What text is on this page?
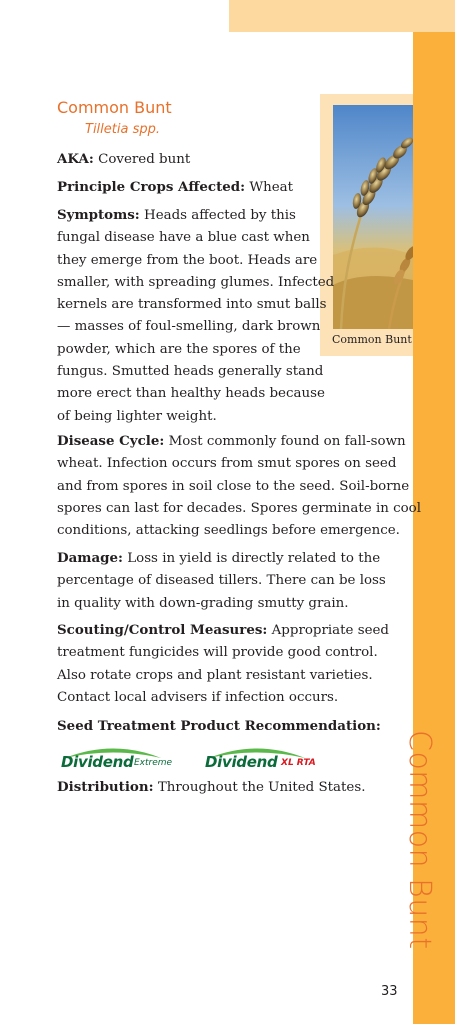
Common Bunt
Tilletia spp.
Common Bunt
AKA: Covered bunt
Principle Crops Affected: Wheat
Symptoms: Heads affected by this
fungal disease have a blue cast when
they emerge from the boot. Heads are
smaller, with spreading glumes. Infected
kernels are transformed into smut balls
— masses of foul-smelling, dark brown
powder, which are the spores of the
fungus. Smutted heads generally stand
more erect than healthy heads because
of being lighter weight.
Disease Cycle: Most commonly found on fall-sown
wheat. Infection occurs from smut spores on seed
and from spores in soil close to the seed. Soil-borne
spores can last for decades. Spores germinate in cool
conditions, attacking seedlings before emergence.
Damage: Loss in yield is directly related to the
percentage of diseased tillers. There can be loss
in quality with down-grading smutty grain.
Scouting/Control Measures: Appropriate seed
treatment fungicides will provide good control.
Also rotate crops and plant resistant varieties.
Contact local advisers if infection occurs.
Seed Treatment Product Recommendation:
Dividend Extreme Dividend XL RTA
Distribution: Throughout the United States. Common Bunt
33
